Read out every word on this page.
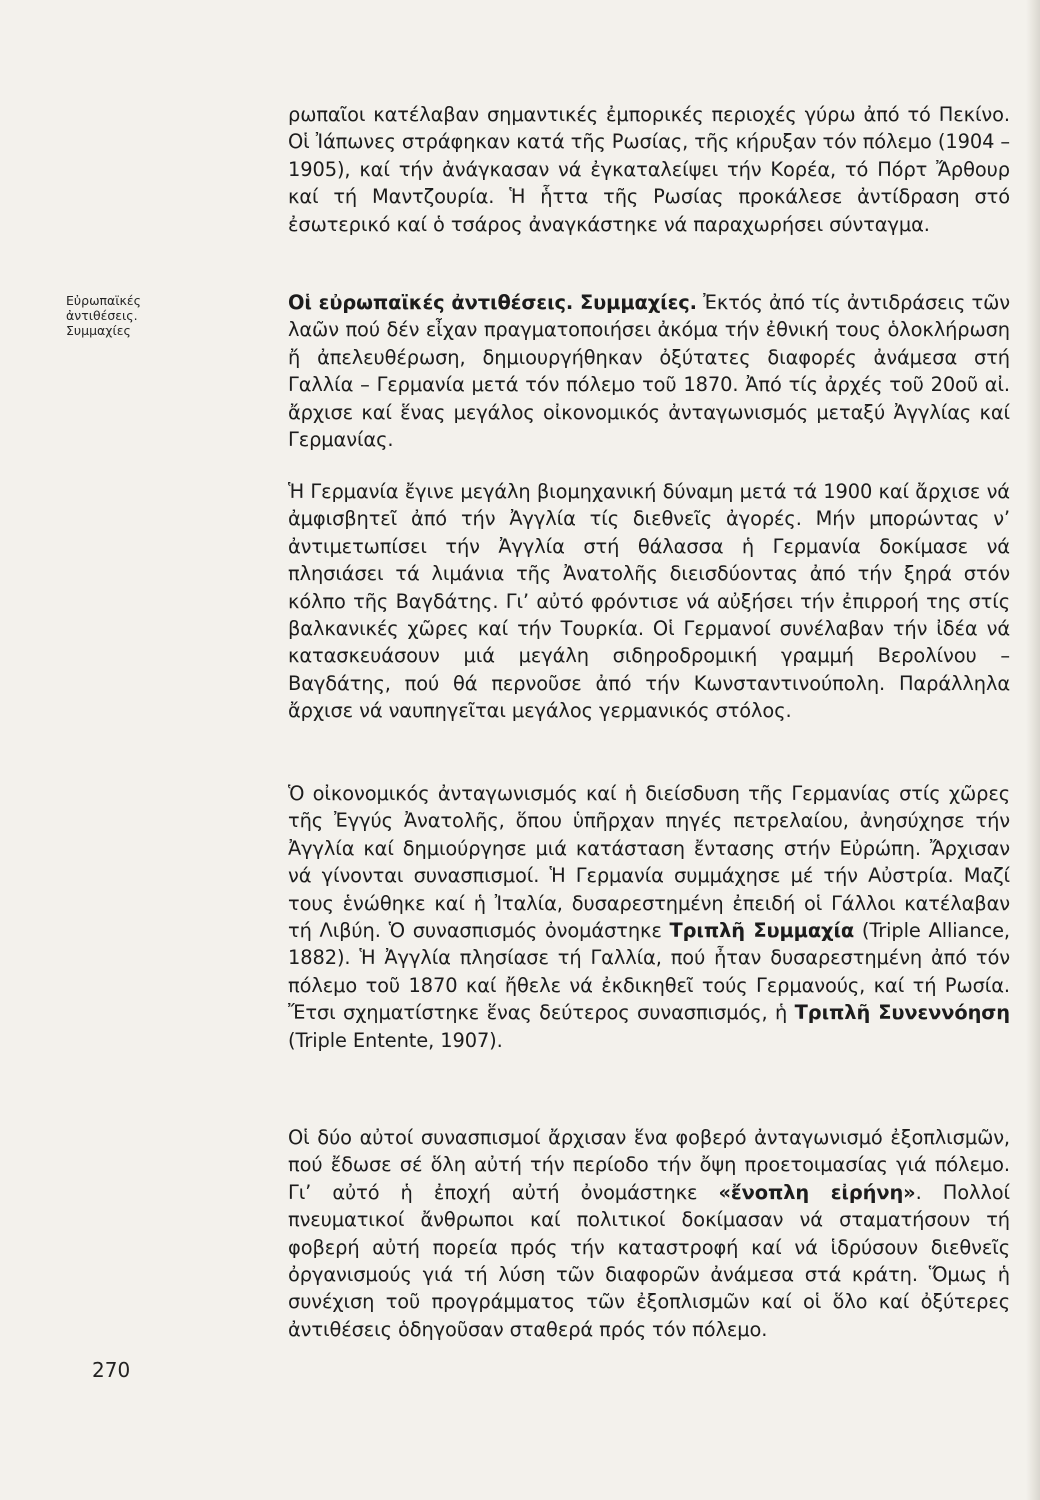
Εὐρωπαϊκές
ἀντιθέσεις.
Συμμαχίες

ρωπαῖοι κατέλαβαν σημαντικές ἐμπορικές περιοχές γύρω ἀπό τό Πεκίνο. Οἱ Ἰάπωνες στράφηκαν κατά τῆς Ρωσίας, τῆς κήρυξαν τόν πόλεμο (1904 – 1905), καί τήν ἀνάγκασαν νά ἐγκαταλείψει τήν Κορέα, τό Πόρτ Ἄρθουρ καί τή Μαντζουρία. Ἡ ἧττα τῆς Ρωσίας προκάλεσε ἀντίδραση στό ἐσωτερικό καί ὁ τσάρος ἀναγκάστηκε νά παραχωρήσει σύνταγμα.

Οἱ εὐρωπαϊκές ἀντιθέσεις. Συμμαχίες. Ἐκτός ἀπό τίς ἀντιδράσεις τῶν λαῶν πού δέν εἶχαν πραγματοποιήσει ἀκόμα τήν ἐθνική τους ὁλοκλήρωση ἤ ἀπελευθέρωση, δημιουργήθηκαν ὀξύτατες διαφορές ἀνάμεσα στή Γαλλία – Γερμανία μετά τόν πόλεμο τοῦ 1870. Ἀπό τίς ἀρχές τοῦ 20οῦ αἰ. ἄρχισε καί ἕνας μεγάλος οἰκονομικός ἀνταγωνισμός μεταξύ Ἀγγλίας καί Γερμανίας.

Ἡ Γερμανία ἔγινε μεγάλη βιομηχανική δύναμη μετά τά 1900 καί ἄρχισε νά ἀμφισβητεῖ ἀπό τήν Ἀγγλία τίς διεθνεῖς ἀγορές. Μήν μπορώντας ν’ ἀντιμετωπίσει τήν Ἀγγλία στή θάλασσα ἡ Γερμανία δοκίμασε νά πλησιάσει τά λιμάνια τῆς Ἀνατολῆς διεισδύοντας ἀπό τήν ξηρά στόν κόλπο τῆς Βαγδάτης. Γι’ αὐτό φρόντισε νά αὐξήσει τήν ἐπιρροή της στίς βαλκανικές χῶρες καί τήν Τουρκία. Οἱ Γερμανοί συνέλαβαν τήν ἰδέα νά κατασκευάσουν μιά μεγάλη σιδηροδρομική γραμμή Βερολίνου – Βαγδάτης, πού θά περνοῦσε ἀπό τήν Κωνσταντινούπολη. Παράλληλα ἄρχισε νά ναυπηγεῖται μεγάλος γερμανικός στόλος.

Ὁ οἰκονομικός ἀνταγωνισμός καί ἡ διείσδυση τῆς Γερμανίας στίς χῶρες τῆς Ἐγγύς Ἀνατολῆς, ὅπου ὑπῆρχαν πηγές πετρελαίου, ἀνησύχησε τήν Ἀγγλία καί δημιούργησε μιά κατάσταση ἔντασης στήν Εὐρώπη. Ἄρχισαν νά γίνονται συνασπισμοί. Ἡ Γερμανία συμμάχησε μέ τήν Αὐστρία. Μαζί τους ἑνώθηκε καί ἡ Ἰταλία, δυσαρεστημένη ἐπειδή οἱ Γάλλοι κατέλαβαν τή Λιβύη. Ὁ συνασπισμός ὀνομάστηκε Τριπλῆ Συμμαχία (Triple Alliance, 1882). Ἡ Ἀγγλία πλησίασε τή Γαλλία, πού ἦταν δυσαρεστημένη ἀπό τόν πόλεμο τοῦ 1870 καί ἤθελε νά ἐκδικηθεῖ τούς Γερμανούς, καί τή Ρωσία. Ἔτσι σχηματίστηκε ἕνας δεύτερος συνασπισμός, ἡ Τριπλῆ Συνεννόηση (Triple Entente, 1907).

Οἱ δύο αὐτοί συνασπισμοί ἄρχισαν ἕνα φοβερό ἀνταγωνισμό ἐξοπλισμῶν, πού ἔδωσε σέ ὅλη αὐτή τήν περίοδο τήν ὄψη προετοιμασίας γιά πόλεμο. Γι’ αὐτό ἡ ἐποχή αὐτή ὀνομάστηκε «ἔνοπλη εἰρήνη». Πολλοί πνευματικοί ἄνθρωποι καί πολιτικοί δοκίμασαν νά σταματήσουν τή φοβερή αὐτή πορεία πρός τήν καταστροφή καί νά ἱδρύσουν διεθνεῖς ὀργανισμούς γιά τή λύση τῶν διαφορῶν ἀνάμεσα στά κράτη. Ὅμως ἡ συνέχιση τοῦ προγράμματος τῶν ἐξοπλισμῶν καί οἱ ὅλο καί ὀξύτερες ἀντιθέσεις ὁδηγοῦσαν σταθερά πρός τόν πόλεμο.

270
